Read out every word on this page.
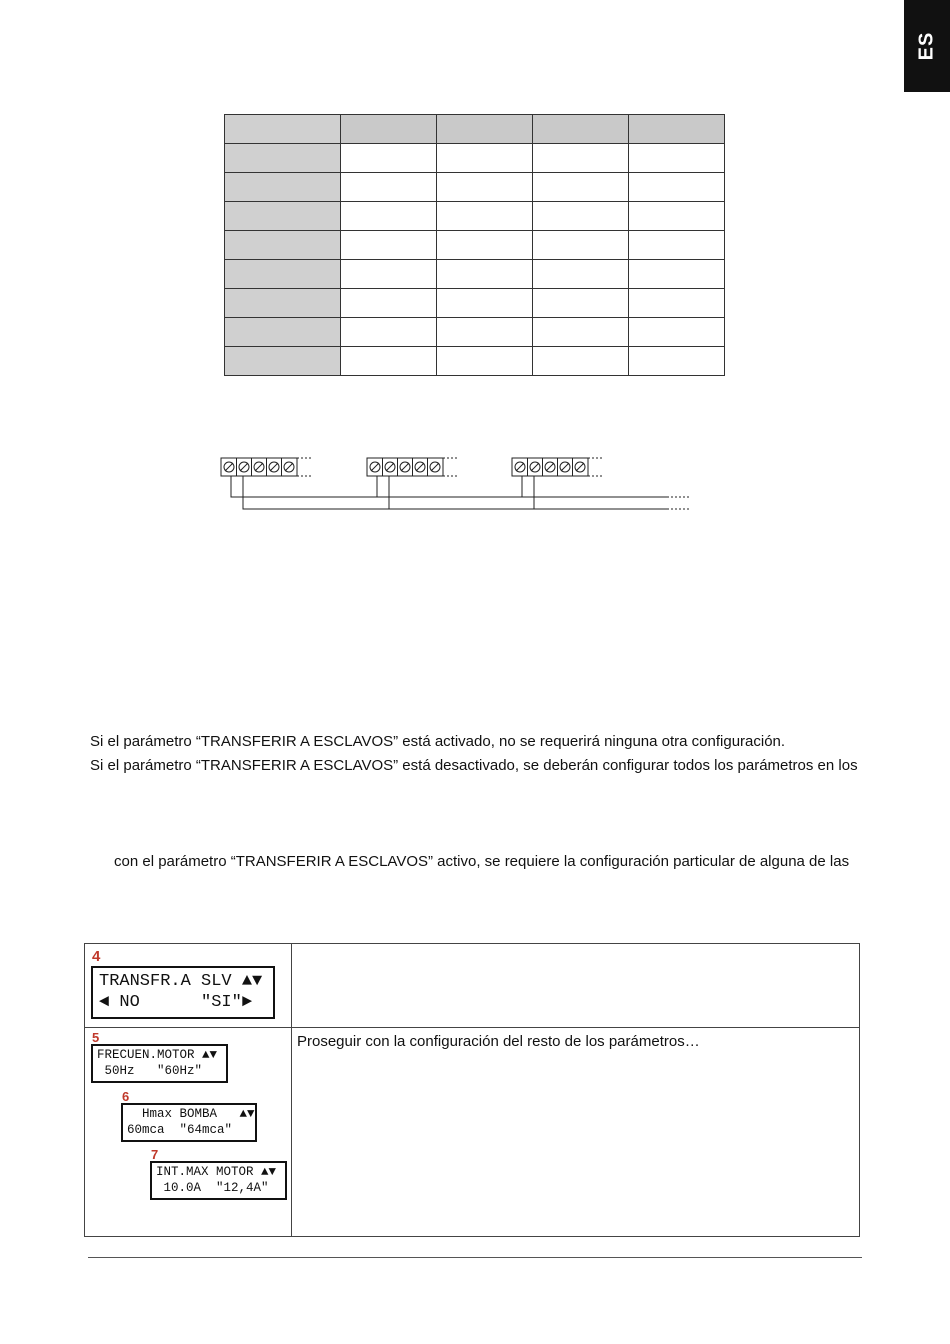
ES

Si el parámetro “TRANSFERIR A ESCLAVOS” está activado, no se requerirá ninguna otra configuración.
Si el parámetro “TRANSFERIR A ESCLAVOS” está desactivado, se deberán configurar todos los parámetros en los
con el parámetro “TRANSFERIR A ESCLAVOS” activo, se requiere la configuración particular de alguna de las
4
TRANSFR.A SLV ▲▼
◄ NO      "SI"►
5
FRECUEN.MOTOR ▲▼
50Hz   "60Hz"
6
Hmax BOMBA   ▲▼
60mca  "64mca"
7
INT.MAX MOTOR ▲▼
10.0A  "12,4A"
Proseguir con la configuración del resto de los parámetros…
